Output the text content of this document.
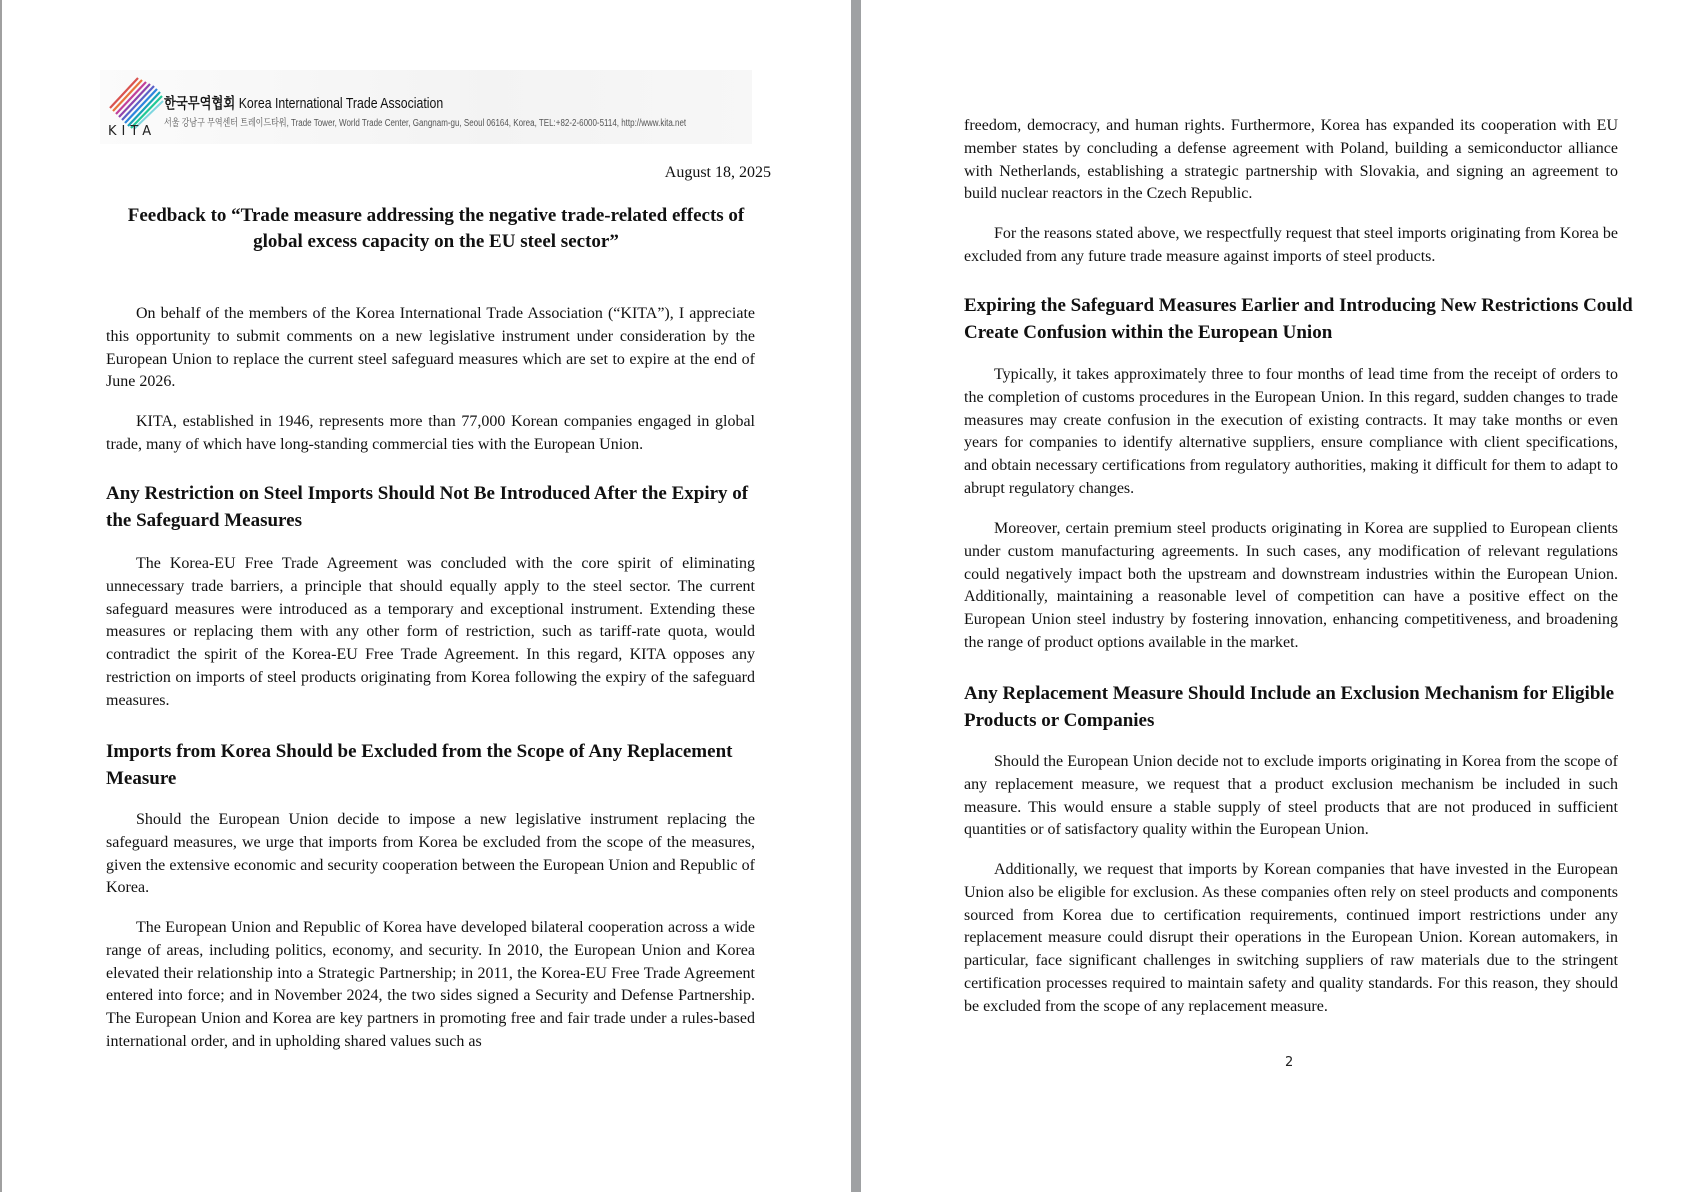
KITA
한국무역협회 Korea International Trade Association
서울 강남구 무역센터 트레이드타워, Trade Tower, World Trade Center, Gangnam-gu, Seoul 06164, Korea, TEL:+82-2-6000-5114, http://www.kita.net
August 18, 2025
Feedback to “Trade measure addressing the negative trade-related effects of global excess capacity on the EU steel sector”

On behalf of the members of the Korea International Trade Association (“KITA”), I appreciate this opportunity to submit comments on a new legislative instrument under consideration by the European Union to replace the current steel safeguard measures which are set to expire at the end of June 2026.

KITA, established in 1946, represents more than 77,000 Korean companies engaged in global trade, many of which have long-standing commercial ties with the European Union.

Any Restriction on Steel Imports Should Not Be Introduced After the Expiry of the Safeguard Measures

The Korea-EU Free Trade Agreement was concluded with the core spirit of eliminating unnecessary trade barriers, a principle that should equally apply to the steel sector. The current safeguard measures were introduced as a temporary and exceptional instrument. Extending these measures or replacing them with any other form of restriction, such as tariff-rate quota, would contradict the spirit of the Korea-EU Free Trade Agreement. In this regard, KITA opposes any restriction on imports of steel products originating from Korea following the expiry of the safeguard measures.

Imports from Korea Should be Excluded from the Scope of Any Replacement Measure

Should the European Union decide to impose a new legislative instrument replacing the safeguard measures, we urge that imports from Korea be excluded from the scope of the measures, given the extensive economic and security cooperation between the European Union and Republic of Korea.

The European Union and Republic of Korea have developed bilateral cooperation across a wide range of areas, including politics, economy, and security. In 2010, the European Union and Korea elevated their relationship into a Strategic Partnership; in 2011, the Korea-EU Free Trade Agreement entered into force; and in November 2024, the two sides signed a Security and Defense Partnership. The European Union and Korea are key partners in promoting free and fair trade under a rules-based international order, and in upholding shared values such as

freedom, democracy, and human rights. Furthermore, Korea has expanded its cooperation with EU member states by concluding a defense agreement with Poland, building a semiconductor alliance with Netherlands, establishing a strategic partnership with Slovakia, and signing an agreement to build nuclear reactors in the Czech Republic.

For the reasons stated above, we respectfully request that steel imports originating from Korea be excluded from any future trade measure against imports of steel products.

Expiring the Safeguard Measures Earlier and Introducing New Restrictions Could Create Confusion within the European Union

Typically, it takes approximately three to four months of lead time from the receipt of orders to the completion of customs procedures in the European Union. In this regard, sudden changes to trade measures may create confusion in the execution of existing contracts. It may take months or even years for companies to identify alternative suppliers, ensure compliance with client specifications, and obtain necessary certifications from regulatory authorities, making it difficult for them to adapt to abrupt regulatory changes.

Moreover, certain premium steel products originating in Korea are supplied to European clients under custom manufacturing agreements. In such cases, any modification of relevant regulations could negatively impact both the upstream and downstream industries within the European Union. Additionally, maintaining a reasonable level of competition can have a positive effect on the European Union steel industry by fostering innovation, enhancing competitiveness, and broadening the range of product options available in the market.

Any Replacement Measure Should Include an Exclusion Mechanism for Eligible Products or Companies

Should the European Union decide not to exclude imports originating in Korea from the scope of any replacement measure, we request that a product exclusion mechanism be included in such measure. This would ensure a stable supply of steel products that are not produced in sufficient quantities or of satisfactory quality within the European Union.

Additionally, we request that imports by Korean companies that have invested in the European Union also be eligible for exclusion. As these companies often rely on steel products and components sourced from Korea due to certification requirements, continued import restrictions under any replacement measure could disrupt their operations in the European Union. Korean automakers, in particular, face significant challenges in switching suppliers of raw materials due to the stringent certification processes required to maintain safety and quality standards. For this reason, they should be excluded from the scope of any replacement measure.

2
